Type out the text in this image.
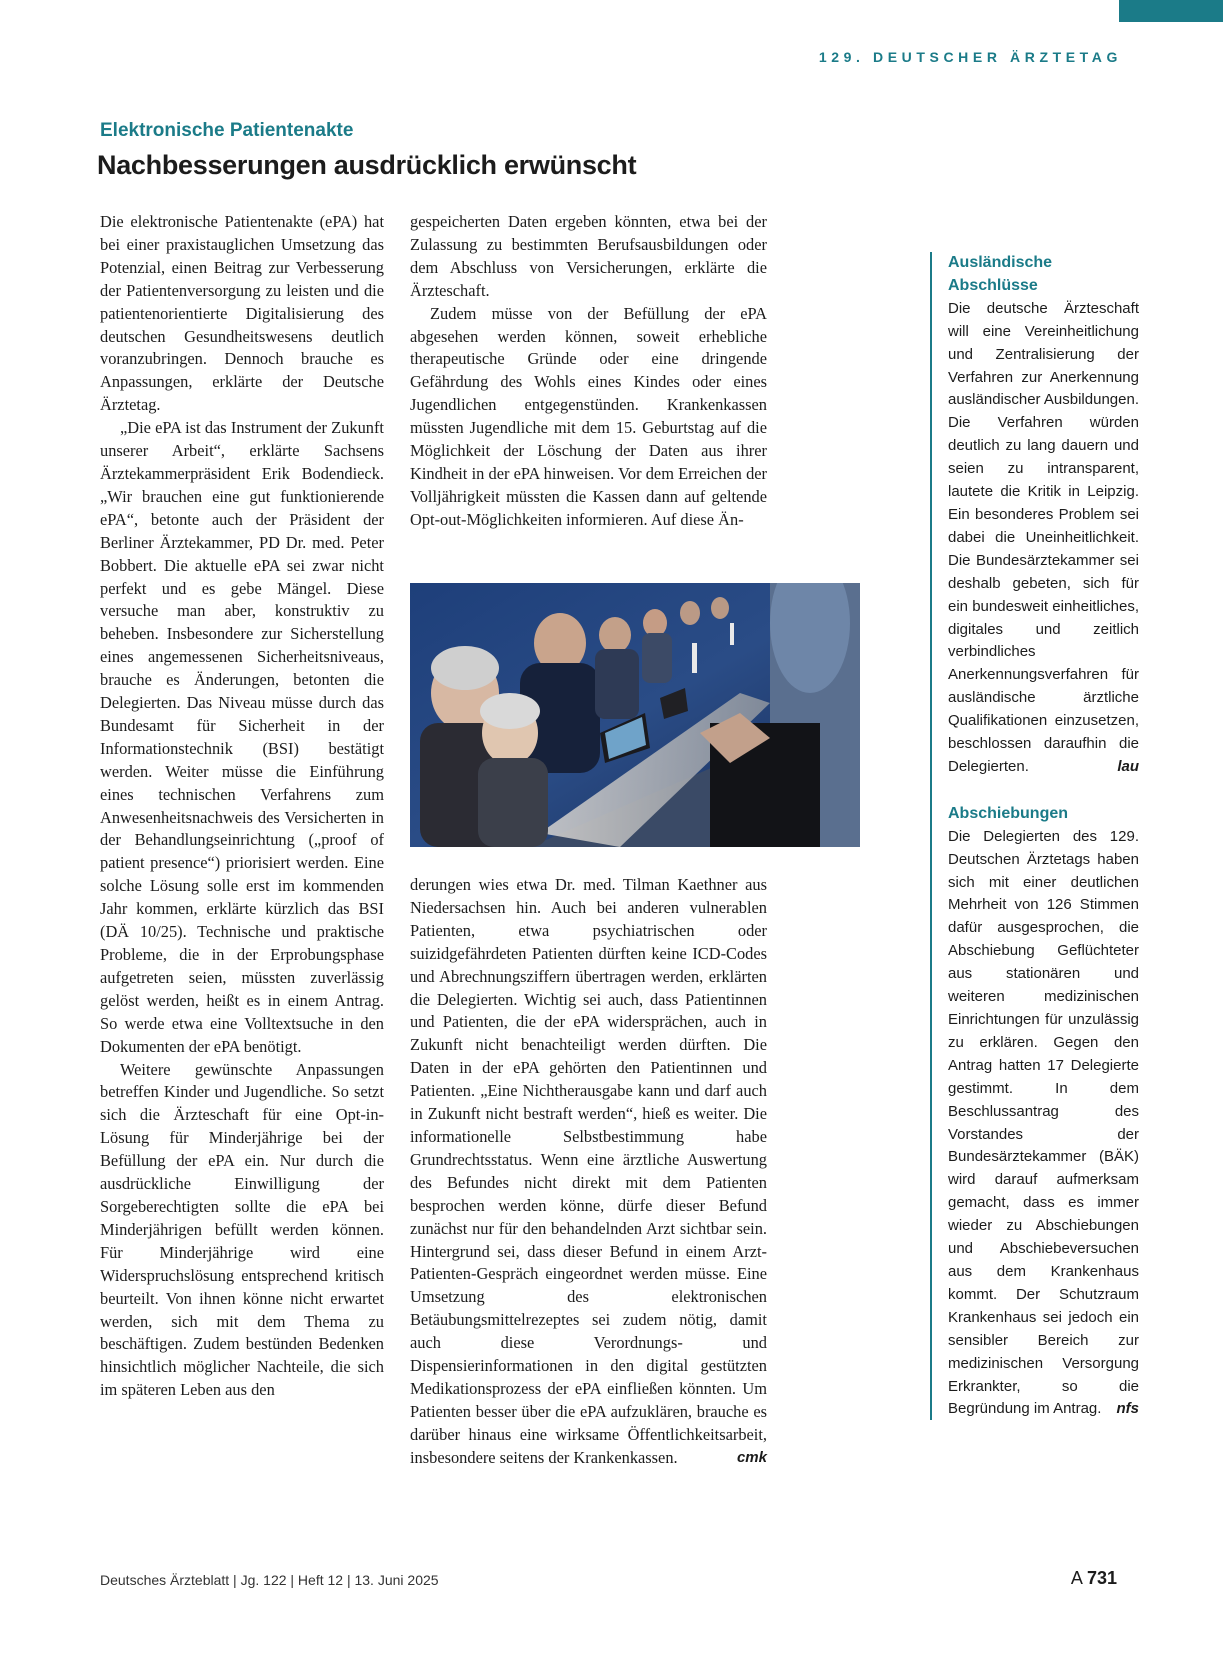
129. DEUTSCHER ÄRZTETAG
Elektronische Patientenakte
Nachbesserungen ausdrücklich erwünscht

Die elektronische Patientenakte (ePA) hat bei einer praxistauglichen Umsetzung das Potenzial, einen Beitrag zur Verbesserung der Patientenversorgung zu leisten und die patientenorientierte Digitalisierung des deutschen Gesundheitswesens deutlich voranzubringen. Dennoch brauche es Anpassungen, erklärte der Deutsche Ärztetag.

„Die ePA ist das Instrument der Zukunft unserer Arbeit“, erklärte Sachsens Ärztekammerpräsident Erik Bodendieck. „Wir brauchen eine gut funktionierende ePA“, betonte auch der Präsident der Berliner Ärztekammer, PD Dr. med. Peter Bobbert. Die aktuelle ePA sei zwar nicht perfekt und es gebe Mängel. Diese versuche man aber, konstruktiv zu beheben. Insbesondere zur Sicherstellung eines angemessenen Sicherheitsniveaus, brauche es Änderungen, betonten die Delegierten. Das Niveau müsse durch das Bundesamt für Sicherheit in der Informationstechnik (BSI) bestätigt werden. Weiter müsse die Einführung eines technischen Verfahrens zum Anwesenheitsnachweis des Versicherten in der Behandlungseinrichtung („proof of patient presence“) priorisiert werden. Eine solche Lösung solle erst im kommenden Jahr kommen, erklärte kürzlich das BSI (DÄ 10/25). Technische und praktische Probleme, die in der Erprobungsphase aufgetreten seien, müssten zuverlässig gelöst werden, heißt es in einem Antrag. So werde etwa eine Volltextsuche in den Dokumenten der ePA benötigt.

Weitere gewünschte Anpassungen betreffen Kinder und Jugendliche. So setzt sich die Ärzteschaft für eine Opt-in-Lösung für Minderjährige bei der Befüllung der ePA ein. Nur durch die ausdrückliche Einwilligung der Sorgeberechtigten sollte die ePA bei Minderjährigen befüllt werden können. Für Minderjährige wird eine Widerspruchslösung entsprechend kritisch beurteilt. Von ihnen könne nicht erwartet werden, sich mit dem Thema zu beschäftigen. Zudem bestünden Bedenken hinsichtlich möglicher Nachteile, die sich im späteren Leben aus den

gespeicherten Daten ergeben könnten, etwa bei der Zulassung zu bestimmten Berufsausbildungen oder dem Abschluss von Versicherungen, erklärte die Ärzteschaft.

Zudem müsse von der Befüllung der ePA abgesehen werden können, soweit erhebliche therapeutische Gründe oder eine dringende Gefährdung des Wohls eines Kindes oder eines Jugendlichen entgegenstünden. Krankenkassen müssten Jugendliche mit dem 15. Geburtstag auf die Möglichkeit der Löschung der Daten aus ihrer Kindheit in der ePA hinweisen. Vor dem Erreichen der Volljährigkeit müssten die Kassen dann auf geltende Opt-out-Möglichkeiten informieren. Auf diese Än-

derungen wies etwa Dr. med. Tilman Kaethner aus Niedersachsen hin. Auch bei anderen vulnerablen Patienten, etwa psychiatrischen oder suizidgefährdeten Patienten dürften keine ICD-Codes und Abrechnungsziffern übertragen werden, erklärten die Delegierten. Wichtig sei auch, dass Patientinnen und Patienten, die der ePA widersprächen, auch in Zukunft nicht benachteiligt werden dürften. Die Daten in der ePA gehörten den Patientinnen und Patienten. „Eine Nichtherausgabe kann und darf auch in Zukunft nicht bestraft werden“, hieß es weiter. Die informationelle Selbstbestimmung habe Grundrechtsstatus. Wenn eine ärztliche Auswertung des Befundes nicht direkt mit dem Patienten besprochen werden könne, dürfe dieser Befund zunächst nur für den behandelnden Arzt sichtbar sein. Hintergrund sei, dass dieser Befund in einem Arzt-Patienten-Gespräch eingeordnet werden müsse. Eine Umsetzung des elektronischen Betäubungsmittelrezeptes sei zudem nötig, damit auch diese Verordnungs- und Dispensierinformationen in den digital gestützten Medikationsprozess der ePA einfließen könnten. Um Patienten besser über die ePA aufzuklären, brauche es darüber hinaus eine wirksame Öffentlichkeitsarbeit, insbesondere seitens der Krankenkassen.	cmk

Ausländische Abschlüsse

Die deutsche Ärzteschaft will eine Vereinheitlichung und Zentralisierung der Verfahren zur Anerkennung ausländischer Ausbildungen. Die Verfahren würden deutlich zu lang dauern und seien zu intransparent, lautete die Kritik in Leipzig. Ein besonderes Problem sei dabei die Uneinheitlichkeit. Die Bundesärztekammer sei deshalb gebeten, sich für ein bundesweit einheitliches, digitales und zeitlich verbindliches Anerkennungsverfahren für ausländische ärztliche Qualifikationen einzusetzen, beschlossen daraufhin die Delegierten.	lau

Abschiebungen

Die Delegierten des 129. Deutschen Ärztetags haben sich mit einer deutlichen Mehrheit von 126 Stimmen dafür ausgesprochen, die Abschiebung Geflüchteter aus stationären und weiteren medizinischen Einrichtungen für unzulässig zu erklären. Gegen den Antrag hatten 17 Delegierte gestimmt. In dem Beschlussantrag des Vorstandes der Bundesärztekammer (BÄK) wird darauf aufmerksam gemacht, dass es immer wieder zu Abschiebungen und Abschiebeversuchen aus dem Krankenhaus kommt. Der Schutzraum Krankenhaus sei jedoch ein sensibler Bereich zur medizinischen Versorgung Erkrankter, so die Begründung im Antrag. nfs

Deutsches Ärzteblatt | Jg. 122 | Heft 12 | 13. Juni 2025	A 731
